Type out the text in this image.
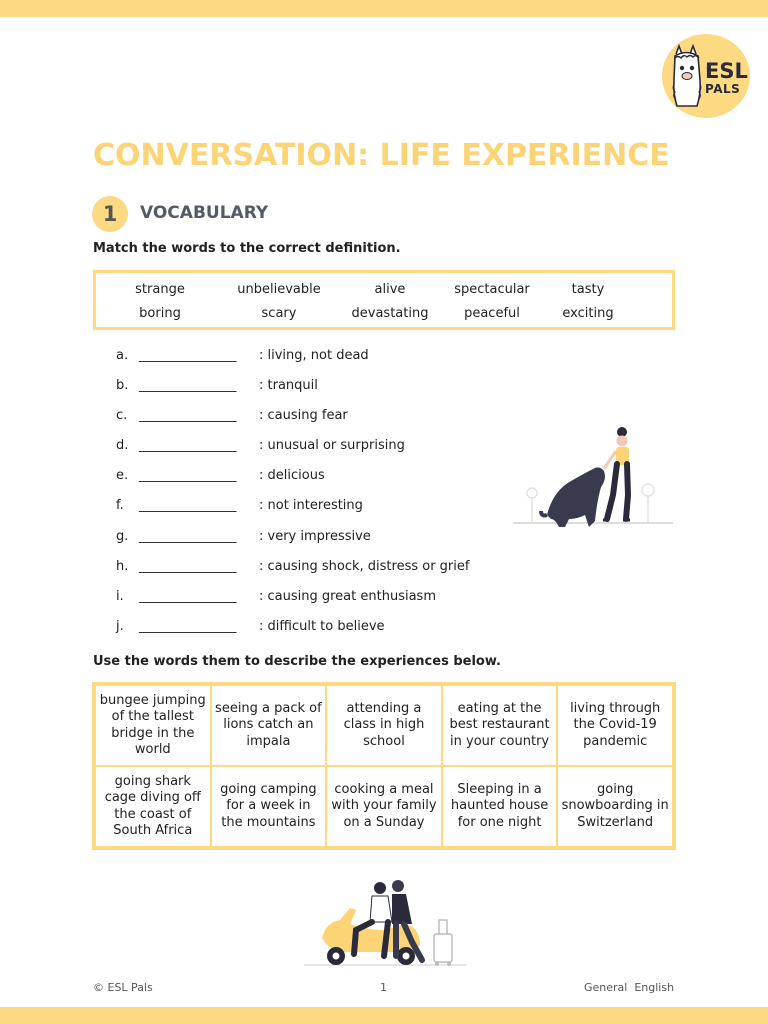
ESL
PALS
CONVERSATION: LIFE EXPERIENCE
1	VOCABULARY
Match the words to the correct definition.
strange	unbelievable	alive	spectacular	tasty
boring	scary	devastating	peaceful	exciting
a. _______________ : living, not dead
b. _______________ : tranquil
c. _______________ : causing fear
d. _______________ : unusual or surprising
e. _______________ : delicious
f. _______________ : not interesting
g. _______________ : very impressive
h. _______________ : causing shock, distress or grief
i. _______________ : causing great enthusiasm
j. _______________ : difficult to believe
Use the words them to describe the experiences below.
bungee jumping of the tallest bridge in the world	seeing a pack of lions catch an impala	attending a class in high school	eating at the best restaurant in your country	living through the Covid-19 pandemic
going shark cage diving off the coast of South Africa	going camping for a week in the mountains	cooking a meal with your family on a Sunday	Sleeping in a haunted house for one night	going snowboarding in Switzerland
© ESL Pals	1	General  English
